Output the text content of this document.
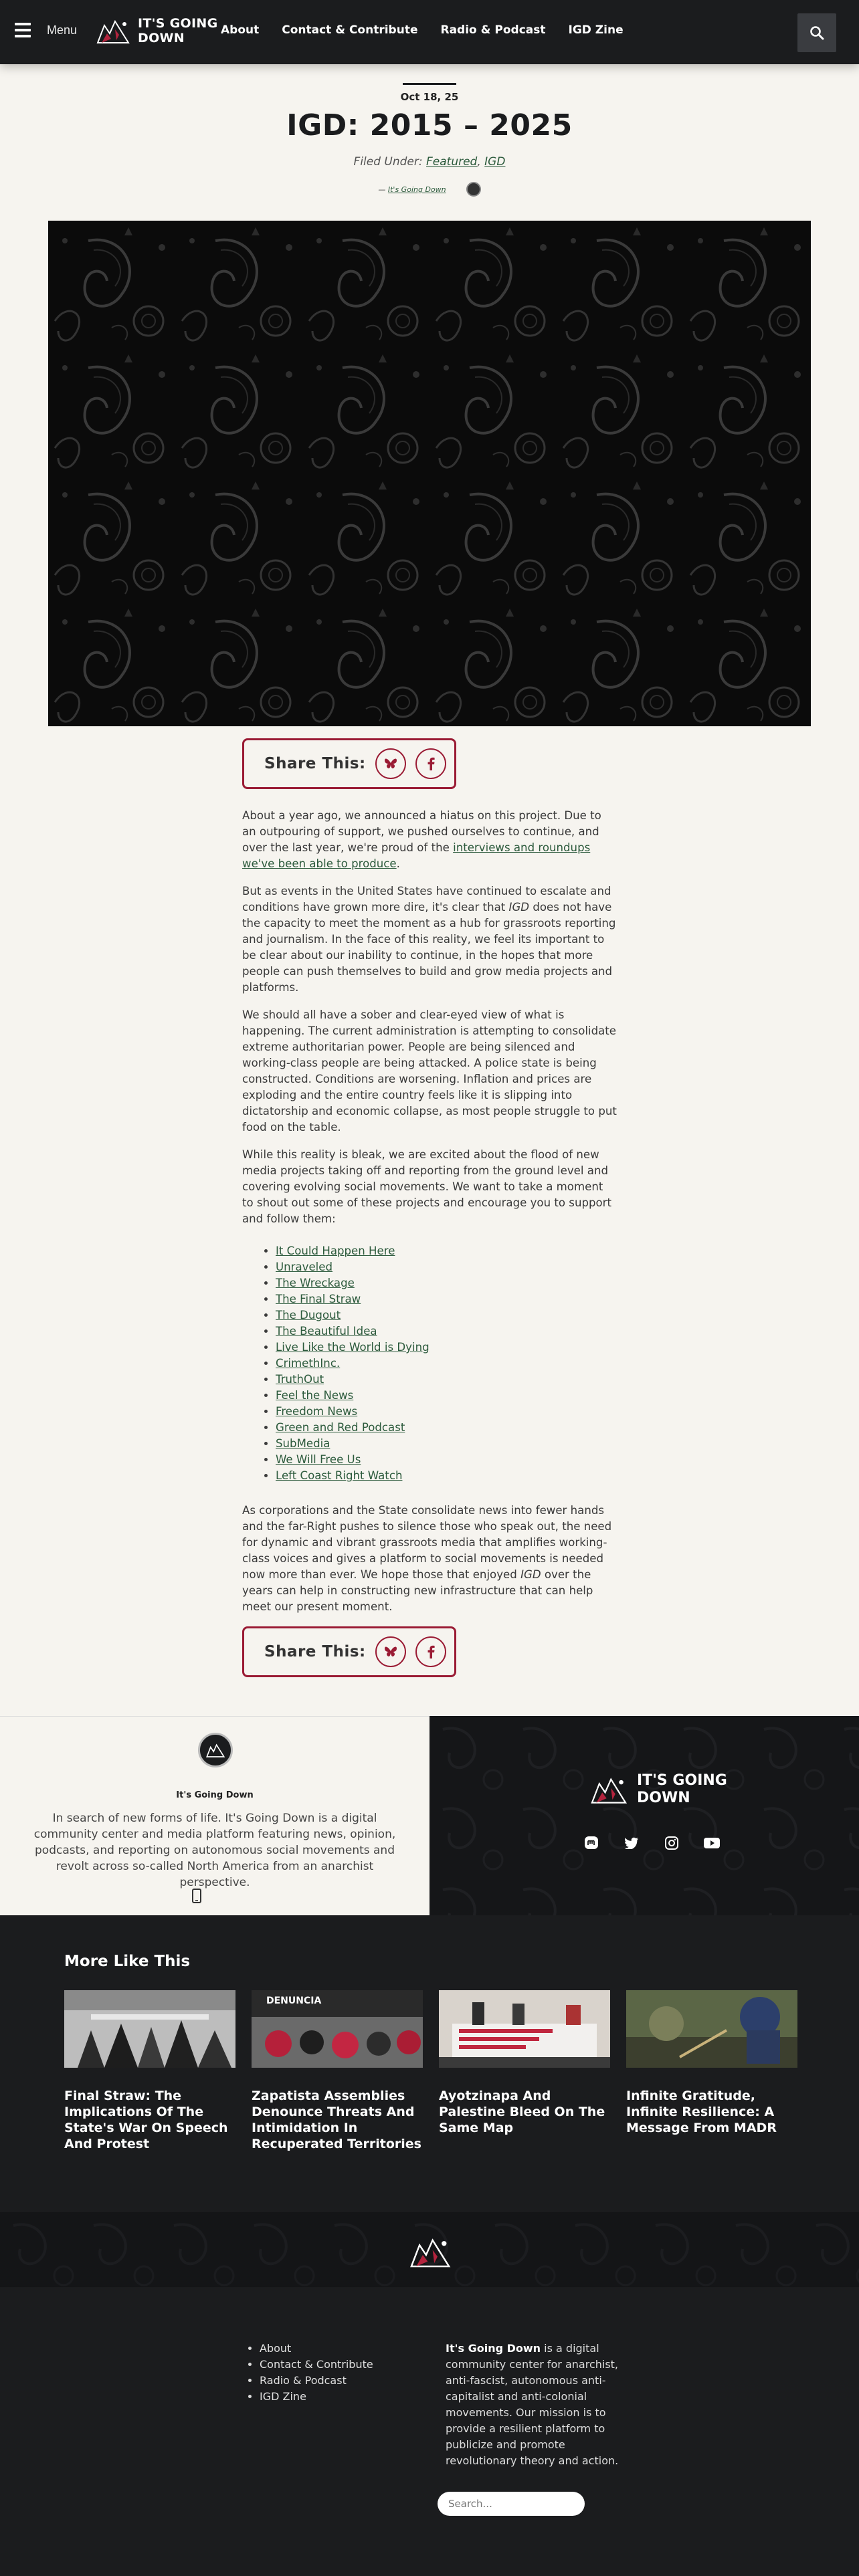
Menu	IT'S GOING
DOWN
About Contact & Contribute Radio & Podcast IGD Zine
Oct 18, 25
IGD: 2015 – 2025
Filed Under: Featured, IGD
— It's Going Down
Share This:

About a year ago, we announced a hiatus on this project. Due to an outpouring of support, we pushed ourselves to continue, and over the last year, we're proud of the interviews and roundups we've been able to produce.

But as events in the United States have continued to escalate and conditions have grown more dire, it's clear that IGD does not have the capacity to meet the moment as a hub for grassroots reporting and journalism. In the face of this reality, we feel its important to be clear about our inability to continue, in the hopes that more people can push themselves to build and grow media projects and platforms.

We should all have a sober and clear-eyed view of what is happening. The current administration is attempting to consolidate extreme authoritarian power. People are being silenced and working-class people are being attacked. A police state is being constructed. Conditions are worsening. Inflation and prices are exploding and the entire country feels like it is slipping into dictatorship and economic collapse, as most people struggle to put food on the table.

While this reality is bleak, we are excited about the flood of new media projects taking off and reporting from the ground level and covering evolving social movements. We want to take a moment to shout out some of these projects and encourage you to support and follow them:

• It Could Happen Here
• Unraveled
• The Wreckage
• The Final Straw
• The Dugout
• The Beautiful Idea
• Live Like the World is Dying
• CrimethInc.
• TruthOut
• Feel the News
• Freedom News
• Green and Red Podcast
• SubMedia
• We Will Free Us
• Left Coast Right Watch

As corporations and the State consolidate news into fewer hands and the far-Right pushes to silence those who speak out, the need for dynamic and vibrant grassroots media that amplifies working-class voices and gives a platform to social movements is needed now more than ever. We hope those that enjoyed IGD over the years can help in constructing new infrastructure that can help meet our present moment.

Share This:
It's Going Down
In search of new forms of life. It's Going Down is a digital community center and media platform featuring news, opinion, podcasts, and reporting on autonomous social movements and revolt across so-called North America from an anarchist perspective.
IT'S GOING
DOWN
More Like This
Final Straw: The Implications Of The State's War On Speech And Protest
DENUNCIA
Zapatista Assemblies Denounce Threats And Intimidation In Recuperated Territories
Ayotzinapa And Palestine Bleed On The Same Map
Infinite Gratitude, Infinite Resilience: A Message From MADR
• About
• Contact & Contribute
• Radio & Podcast
• IGD Zine
It's Going Down is a digital community center for anarchist, anti-fascist, autonomous anti-capitalist and anti-colonial movements. Our mission is to provide a resilient platform to publicize and promote revolutionary theory and action.
Search...
